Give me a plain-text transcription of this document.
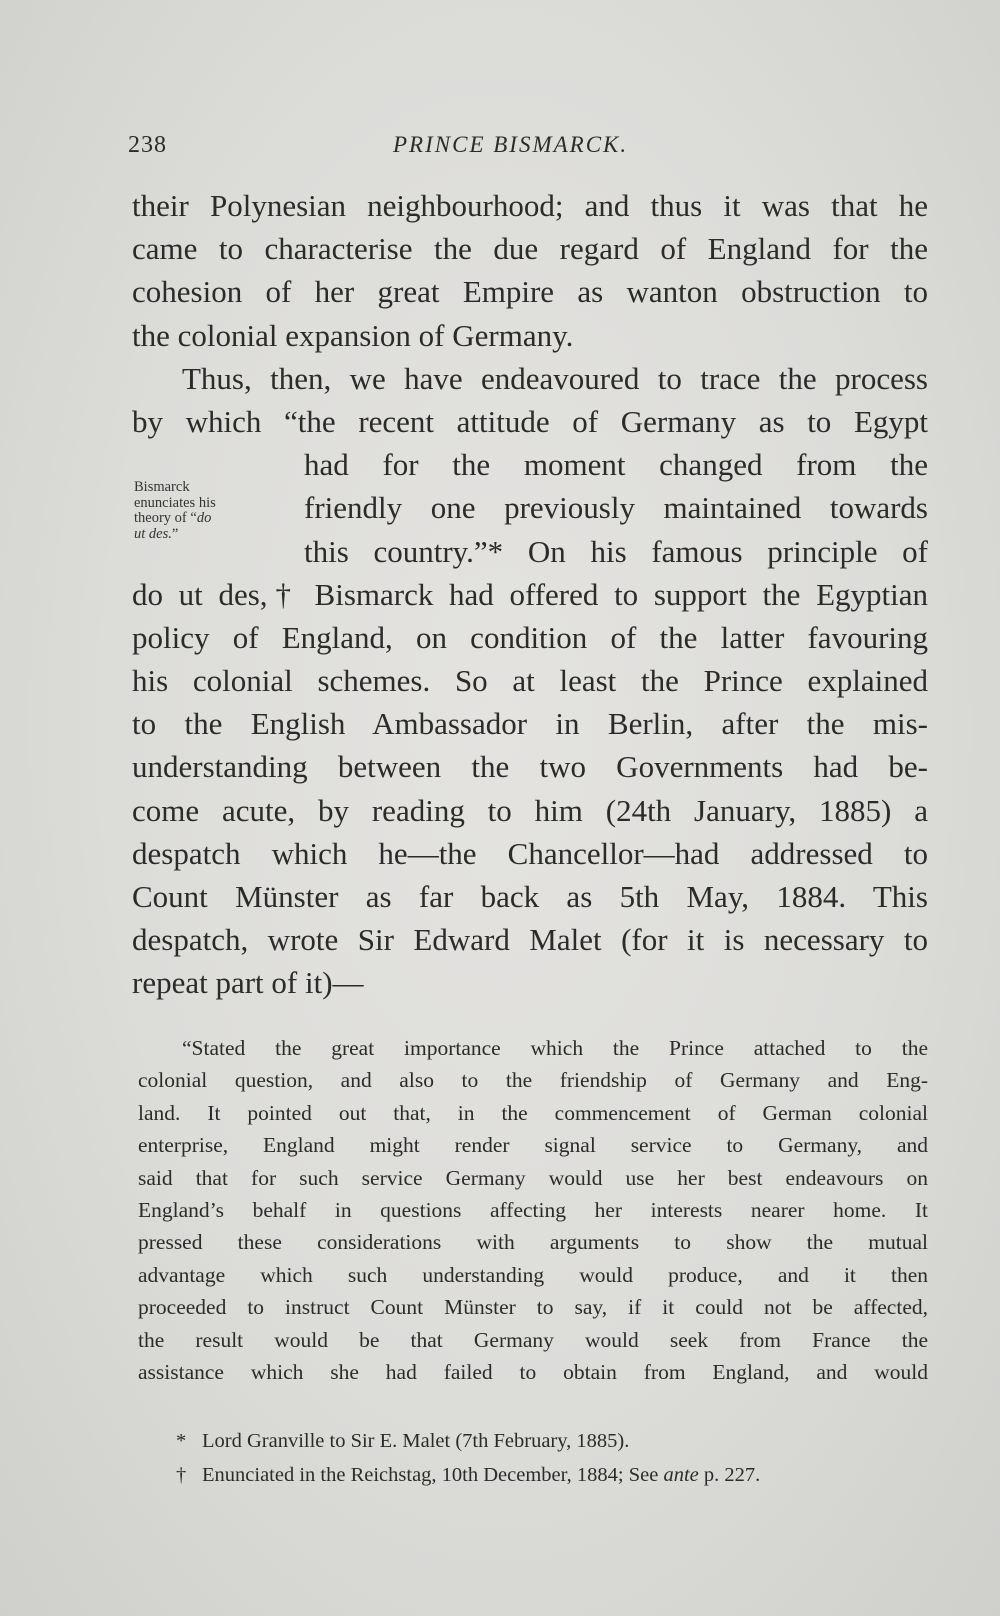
238	PRINCE BISMARCK.
their Polynesian neighbourhood; and thus it was that he
came to characterise the due regard of England for the
cohesion of her great Empire as wanton obstruction to
the colonial expansion of Germany.
Thus, then, we have endeavoured to trace the process
by which “the recent attitude of Germany as to Egypt
had for the moment changed from the
friendly one previously maintained towards
this country.”* On his famous principle of
do ut des,† Bismarck had offered to support the Egyptian
policy of England, on condition of the latter favouring
his colonial schemes. So at least the Prince explained
to the English Ambassador in Berlin, after the mis-
understanding between the two Governments had be-
come acute, by reading to him (24th January, 1885) a
despatch which he—the Chancellor—had addressed to
Count Münster as far back as 5th May, 1884. This
despatch, wrote Sir Edward Malet (for it is necessary to
repeat part of it)—
Bismarck
enunciates his
theory of “do
ut des.”
“Stated the great importance which the Prince attached to the
colonial question, and also to the friendship of Germany and Eng-
land. It pointed out that, in the commencement of German colonial
enterprise, England might render signal service to Germany, and
said that for such service Germany would use her best endeavours on
England’s behalf in questions affecting her interests nearer home. It
pressed these considerations with arguments to show the mutual
advantage which such understanding would produce, and it then
proceeded to instruct Count Münster to say, if it could not be affected,
the result would be that Germany would seek from France the
assistance which she had failed to obtain from England, and would
* Lord Granville to Sir E. Malet (7th February, 1885).
† Enunciated in the Reichstag, 10th December, 1884; See ante p. 227.
